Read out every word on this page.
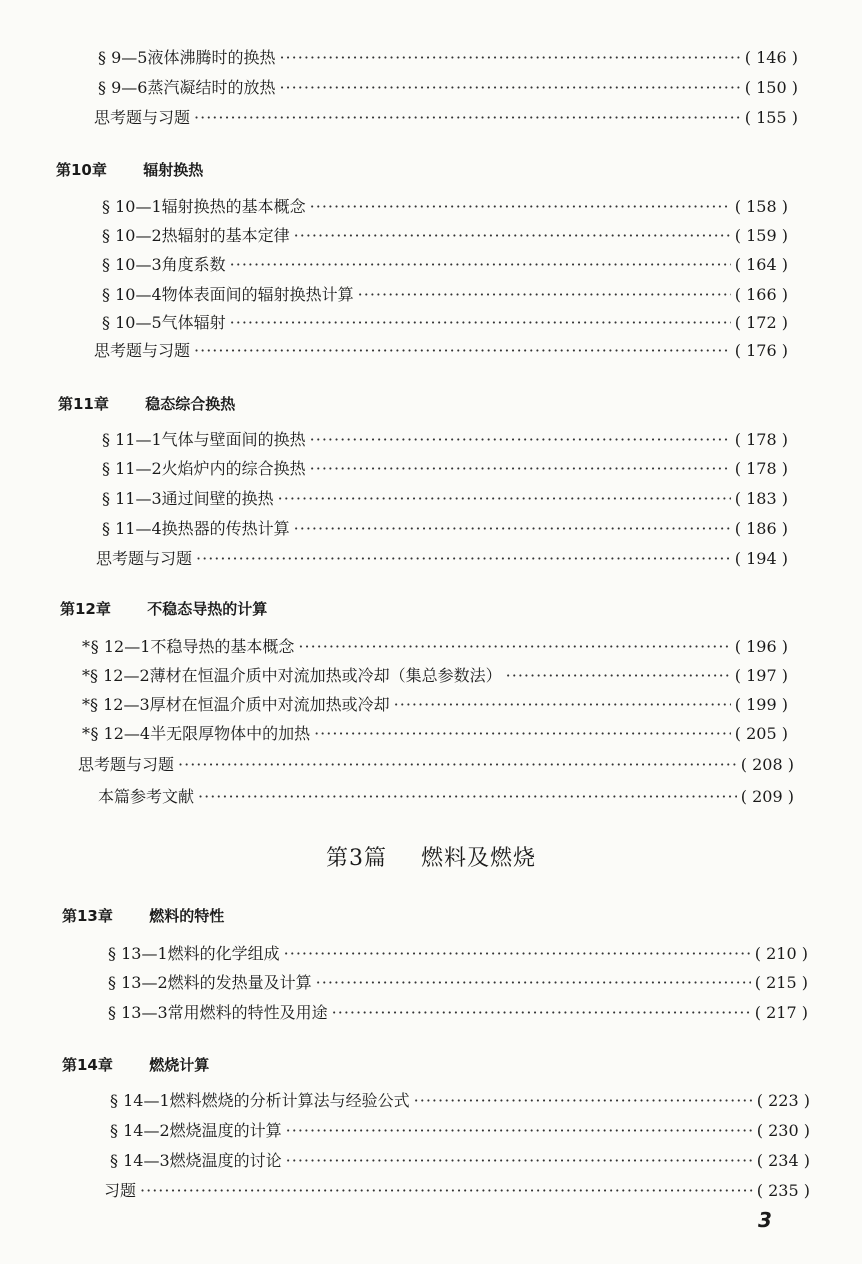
§ 9—5 液体沸腾时的换热 ·····	( 146 )
§ 9—6 蒸汽凝结时的放热 ·····	( 150 )
思考题与习题 ·····	( 155 )
第10章 辐射换热
§ 10—1 辐射换热的基本概念 ·····	( 158 )
§ 10—2 热辐射的基本定律 ·····	( 159 )
§ 10—3 角度系数 ·····	( 164 )
§ 10—4 物体表面间的辐射换热计算 ·····	( 166 )
§ 10—5 气体辐射 ·····	( 172 )
思考题与习题 ·····	( 176 )
第11章 稳态综合换热
§ 11—1 气体与壁面间的换热 ·····	( 178 )
§ 11—2 火焰炉内的综合换热 ·····	( 178 )
§ 11—3 通过间壁的换热 ·····	( 183 )
§ 11—4 换热器的传热计算 ·····	( 186 )
思考题与习题 ·····	( 194 )
第12章 不稳态导热的计算
* § 12—1 不稳导热的基本概念 ·····	( 196 )
* § 12—2 薄材在恒温介质中对流加热或冷却（集总参数法） ·····	( 197 )
* § 12—3 厚材在恒温介质中对流加热或冷却 ·····	( 199 )
* § 12—4 半无限厚物体中的加热 ·····	( 205 )
思考题与习题 ·····	( 208 )
本篇参考文献 ·····	( 209 )
第3篇 燃料及燃烧
第13章 燃料的特性
§ 13—1 燃料的化学组成 ·····	( 210 )
§ 13—2 燃料的发热量及计算 ·····	( 215 )
§ 13—3 常用燃料的特性及用途 ·····	( 217 )
第14章 燃烧计算
§ 14—1 燃料燃烧的分析计算法与经验公式 ·····	( 223 )
§ 14—2 燃烧温度的计算 ·····	( 230 )
§ 14—3 燃烧温度的讨论 ·····	( 234 )
习题 ·····	( 235 )
3
